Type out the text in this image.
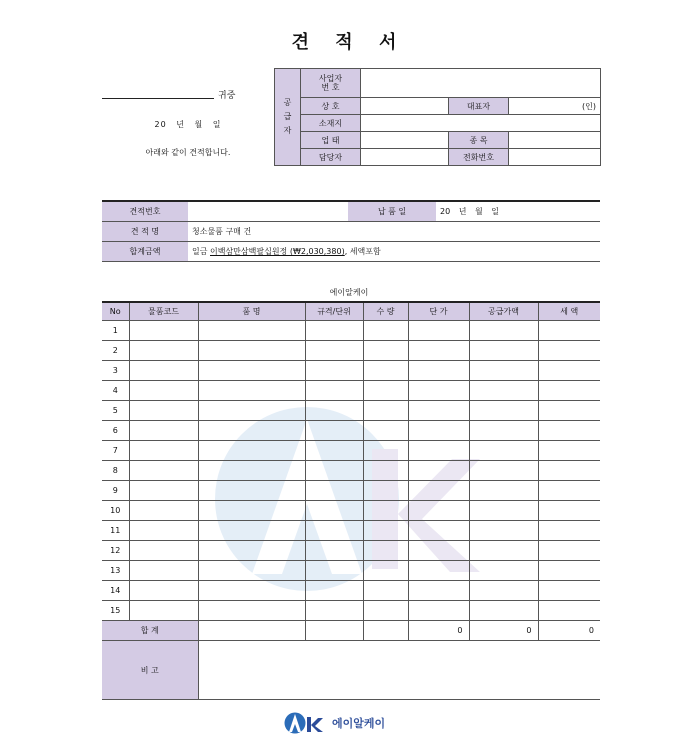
견 적 서
귀중
20 년 월 일
아래와 같이 견적합니다.
공
급
자	사업자
번 호			
	상 호		대표자	(인)
	소재지			
	업 태		종 목	
	담당자		전화번호	
견적번호		납 품 일	20 년 월 일
견 적 명	청소물품 구매 건		
합계금액	일금 이백삼만삼백팔십원정 (₩2,030,380), 세액포함		
에이알케이
No	물품코드	품 명	규격/단위	수 량	단 가	공급가액	세 액
1							
2							
3							
4							
5							
6							
7							
8							
9							
10							
11							
12							
13							
14							
15							
합 계					0	0	0
비 고							
에이알케이
